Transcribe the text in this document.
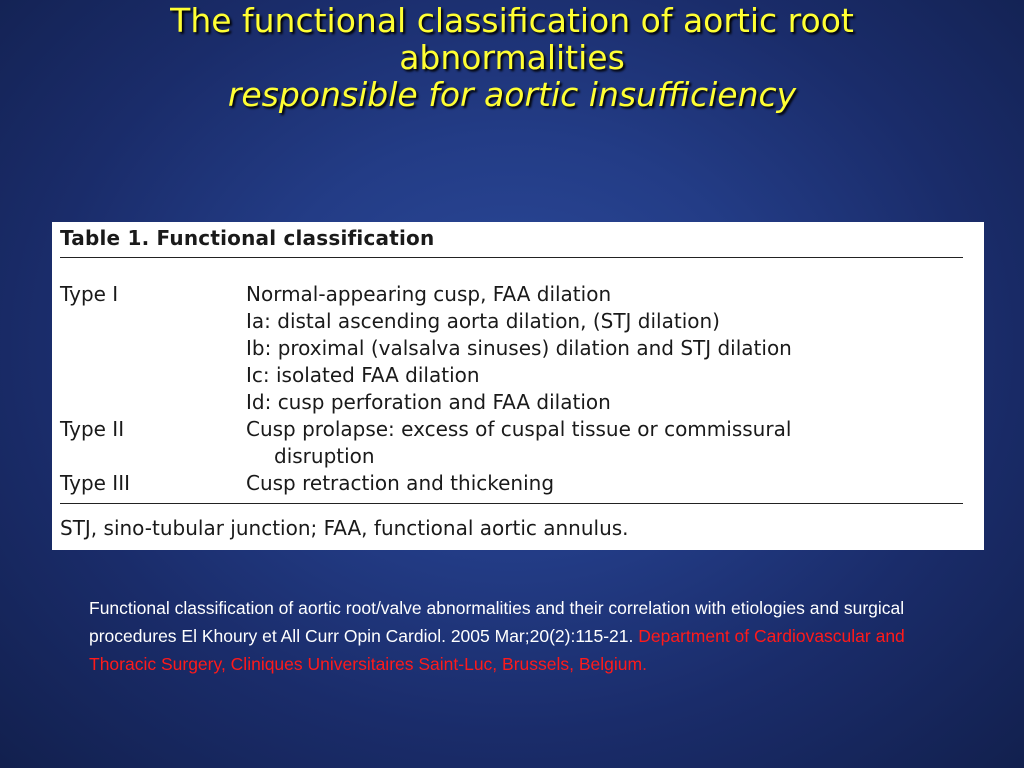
The functional classification of aortic root
abnormalities
responsible for aortic insufficiency
Table 1. Functional classification
Type I	Normal-appearing cusp, FAA dilation
Ia: distal ascending aorta dilation, (STJ dilation)
Ib: proximal (valsalva sinuses) dilation and STJ dilation
Ic: isolated FAA dilation
Id: cusp perforation and FAA dilation
Type II	Cusp prolapse: excess of cuspal tissue or commissural
disruption
Type III	Cusp retraction and thickening
STJ, sino-tubular junction; FAA, functional aortic annulus.
Functional classification of aortic root/valve abnormalities and their correlation with etiologies and surgical procedures El Khoury et All Curr Opin Cardiol. 2005 Mar;20(2):115-21. Department of Cardiovascular and Thoracic Surgery, Cliniques Universitaires Saint-Luc, Brussels, Belgium.
